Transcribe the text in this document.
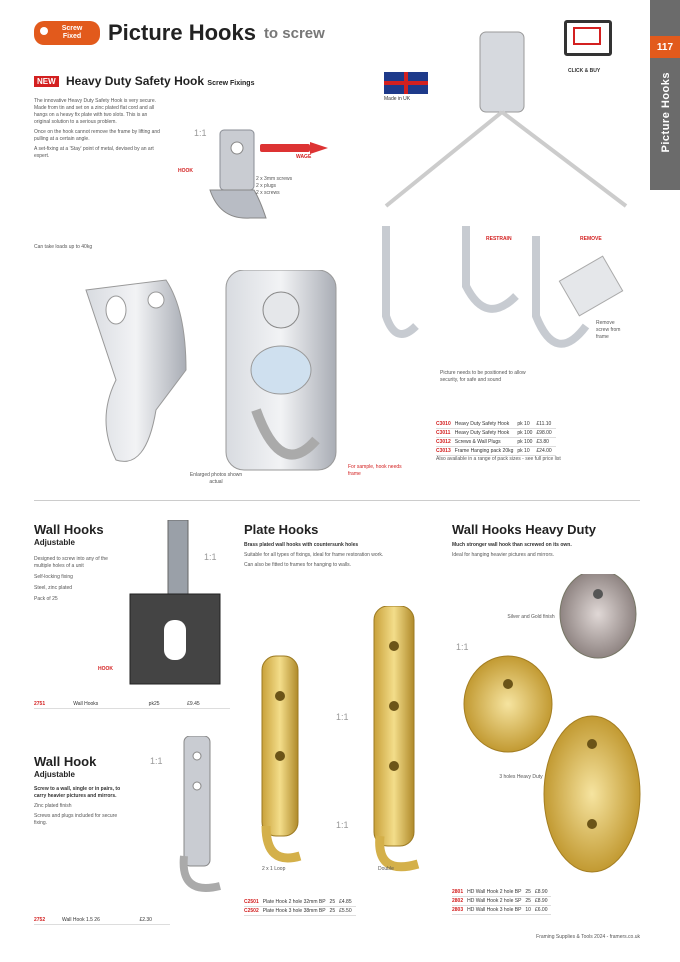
117
Picture Hooks
Screw
Fixed	Picture Hooks to screw
CLICK & BUY
NEW Heavy Duty Safety Hook Screw Fixings

The innovative Heavy Duty Safety Hook is very secure. Made from tin and set on a zinc plated flat cord and all hangs on a heavy fix plate with two slots. This is an original solution to a serious problem.

Once on the hook cannot remove the frame by lifting and pulling at a certain angle.

A set-fixing at a 'Stay' point of metal, devised by an art expert.

Can take loads up to 40kg
Made in UK
HOOK
WAGE
2 x 3mm screws
2 x plugs
2 x screws
1:1
Enlarged photos shown actual
For sample, hook needs frame
RESTRAIN	REMOVE
Remove screw from frame
Picture needs to be positioned to allow security, for safe and sound
C3010	Heavy Duty Safety Hook	pk 10	£11.10
C3011	Heavy Duty Safety Hook	pk 100	£98.00
C3012	Screws & Wall Plugs	pk 100	£3.80
C3013	Frame Hanging pack 20kg	pk 10	£24.00
Also available in a range of pack sizes - see full price list
Wall Hooks
Adjustable

Designed to screw into any of the multiple holes of a unit

Self-locking fixing

Steel, zinc plated

Pack of 25

1:1
HOOK
2751	Wall Hooks	pk25	£9.45
Wall Hook
Adjustable

Screw to a wall, single or in pairs, to carry heavier pictures and mirrors.

Zinc plated finish

Screws and plugs included for secure fixing.

1:1
2752	Wall Hook 1.5 26	£2.30
Plate Hooks

Brass plated wall hooks with countersunk holes

Suitable for all types of fixings, ideal for frame restoration work.

Can also be fitted to frames for hanging to walls.

1:1
1:1
2 x 1 Loop	Double
C2501	Plate Hook 2 hole 32mm BP	25	£4.85
C2502	Plate Hook 3 hole 38mm BP	25	£5.50
Wall Hooks Heavy Duty

Much stronger wall hook than screwed on its own.

Ideal for hanging heavier pictures and mirrors.

1:1
Silver and Gold finish
3 holes Heavy Duty
2801	HD Wall Hook 2 hole BP	25	£8.90
2802	HD Wall Hook 2 hole SP	25	£8.90
2803	HD Wall Hook 3 hole BP	10	£6.00
Framing Supplies & Tools 2024 - framers.co.uk
